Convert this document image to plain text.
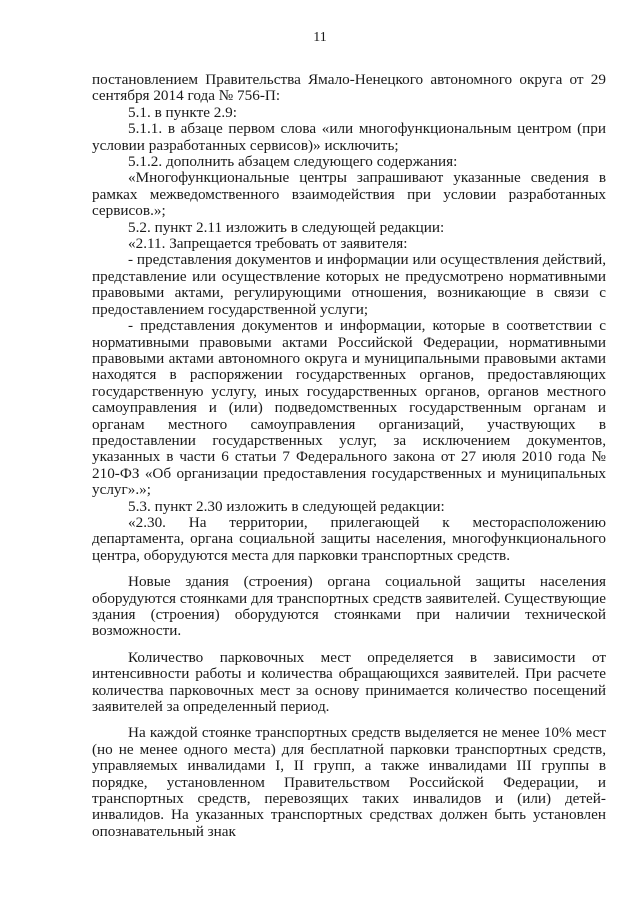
11

постановлением Правительства Ямало-Ненецкого автономного округа от 29 сентября 2014 года № 756-П:

5.1. в пункте 2.9:

5.1.1. в абзаце первом слова «или многофункциональным центром (при условии разработанных сервисов)» исключить;

5.1.2. дополнить абзацем следующего содержания:

«Многофункциональные центры запрашивают указанные сведения в рамках межведомственного взаимодействия при условии разработанных сервисов.»;

5.2. пункт 2.11 изложить в следующей редакции:

«2.11. Запрещается требовать от заявителя:

- представления документов и информации или осуществления действий, представление или осуществление которых не предусмотрено нормативными правовыми актами, регулирующими отношения, возникающие в связи с предоставлением государственной услуги;

- представления документов и информации, которые в соответствии с нормативными правовыми актами Российской Федерации, нормативными правовыми актами автономного округа и муниципальными правовыми актами находятся в распоряжении государственных органов, предоставляющих государственную услугу, иных государственных органов, органов местного самоуправления и (или) подведомственных государственным органам и органам местного самоуправления организаций, участвующих в предоставлении государственных услуг, за исключением документов, указанных в части 6 статьи 7 Федерального закона от 27 июля 2010 года № 210-ФЗ «Об организации предоставления государственных и муниципальных услуг».»;

5.3. пункт 2.30 изложить в следующей редакции:

«2.30. На территории, прилегающей к месторасположению департамента, органа социальной защиты населения, многофункционального центра, оборудуются места для парковки транспортных средств.

Новые здания (строения) органа социальной защиты населения оборудуются стоянками для транспортных средств заявителей. Существующие здания (строения) оборудуются стоянками при наличии технической возможности.

Количество парковочных мест определяется в зависимости от интенсивности работы и количества обращающихся заявителей. При расчете количества парковочных мест за основу принимается количество посещений заявителей за определенный период.

На каждой стоянке транспортных средств выделяется не менее 10% мест (но не менее одного места) для бесплатной парковки транспортных средств, управляемых инвалидами I, II групп, а также инвалидами III группы в порядке, установленном Правительством Российской Федерации, и транспортных средств, перевозящих таких инвалидов и (или) детей-инвалидов. На указанных транспортных средствах должен быть установлен опознавательный знак
